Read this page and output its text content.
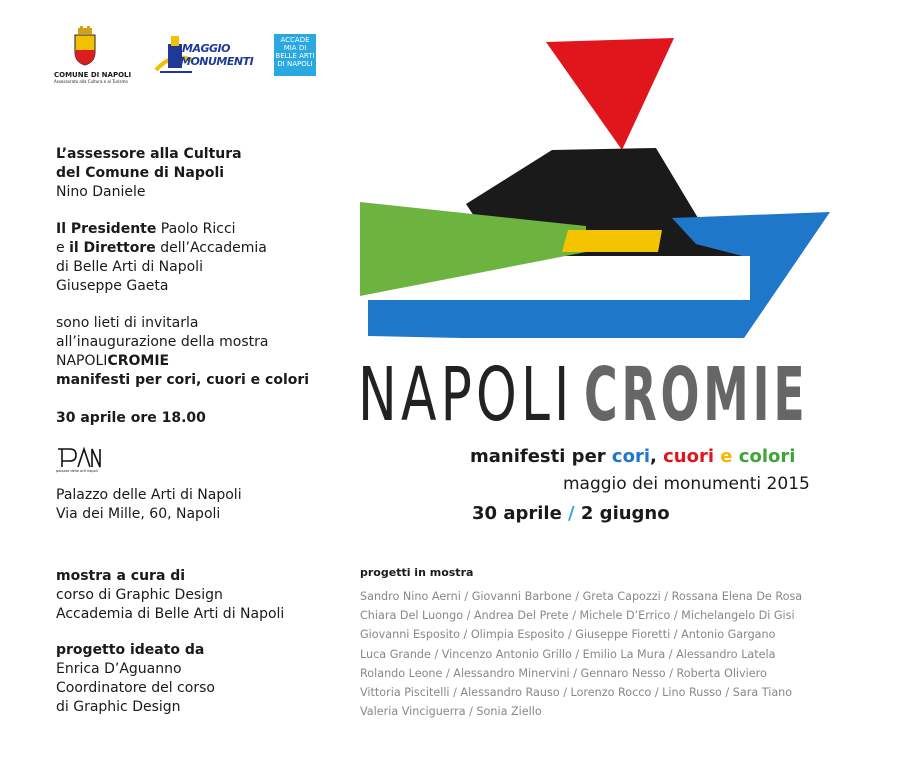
COMUNE DI NAPOLI
Assessorato alla Cultura e al Turismo
MAGGIO
MONUMENTI
ACCADE
MIA DI
BELLE ARTI
DI NAPOLI

L’assessore alla Cultura

del Comune di Napoli

Nino Daniele

Il Presidente Paolo Ricci

e il Direttore dell’Accademia

di Belle Arti di Napoli

Giuseppe Gaeta

sono lieti di invitarla

all’inaugurazione della mostra

NAPOLICROMIE

manifesti per cori, cuori e colori

30 aprile ore 18.00
palazzo delle arti napoli

Palazzo delle Arti di Napoli

Via dei Mille, 60, Napoli

mostra a cura di

corso di Graphic Design

Accademia di Belle Arti di Napoli

progetto ideato da

Enrica D’Aguanno

Coordinatore del corso

di Graphic Design

NAPOLI CROMIE
manifesti per cori, cuori e colori
maggio dei monumenti 2015
30 aprile / 2 giugno
progetti in mostra
Sandro Nino Aerni / Giovanni Barbone / Greta Capozzi / Rossana Elena De Rosa
Chiara Del Luongo / Andrea Del Prete / Michele D’Errico / Michelangelo Di Gisi
Giovanni Esposito / Olimpia Esposito / Giuseppe Fioretti / Antonio Gargano
Luca Grande / Vincenzo Antonio Grillo / Emilio La Mura / Alessandro Latela
Rolando Leone / Alessandro Minervini / Gennaro Nesso / Roberta Oliviero
Vittoria Piscitelli / Alessandro Rauso / Lorenzo Rocco / Lino Russo / Sara Tiano
Valeria Vinciguerra / Sonia Ziello
